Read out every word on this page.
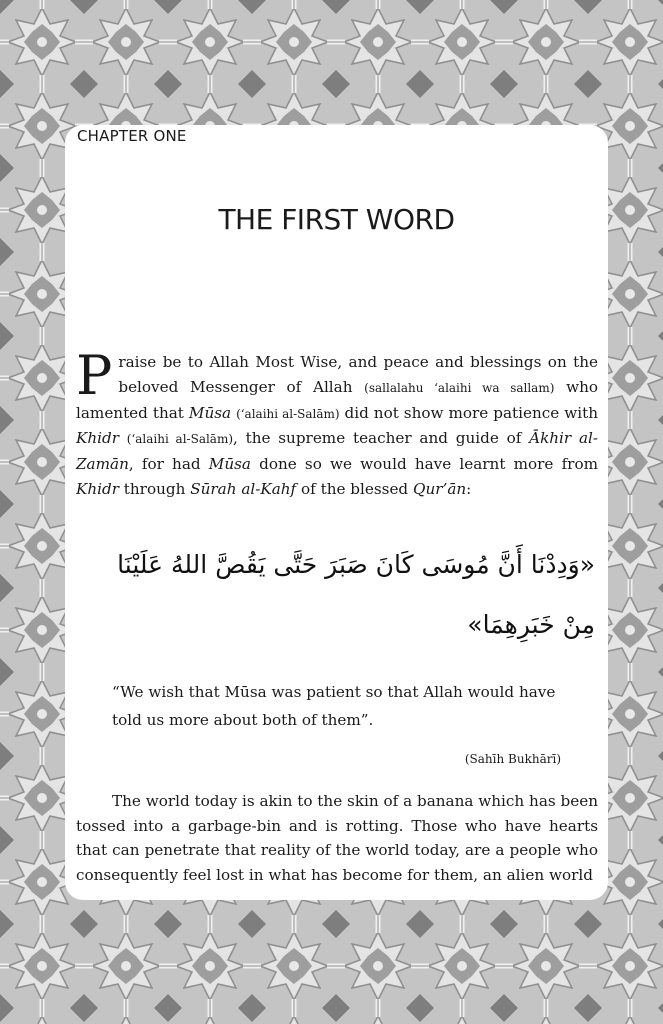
CHAPTER ONE
THE FIRST WORD

Praise be to Allah Most Wise, and peace and blessings on the beloved Messenger of Allah (sallalahu ‘alaihi wa sallam) who lamented that Mūsa (‘alaihi al-Salām) did not show more patience with Khidr (‘alaihi al-Salām), the supreme teacher and guide of Ākhir al-Zamān, for had Mūsa done so we would have learnt more from Khidr through Sūrah al-Kahf of the blessed Qur’ān:

«وَدِدْنَا أَنَّ مُوسَى كَانَ صَبَرَ حَتَّى يَقُصَّ اللهُ عَلَيْنَا
مِنْ خَبَرِهِمَا»

“We wish that Mūsa was patient so that Allah would have told us more about both of them”.

(Sahīh Bukhārī)

The world today is akin to the skin of a banana which has been tossed into a garbage-bin and is rotting. Those who have hearts that can penetrate that reality of the world today, are a people who consequently feel lost in what has become for them, an alien world
